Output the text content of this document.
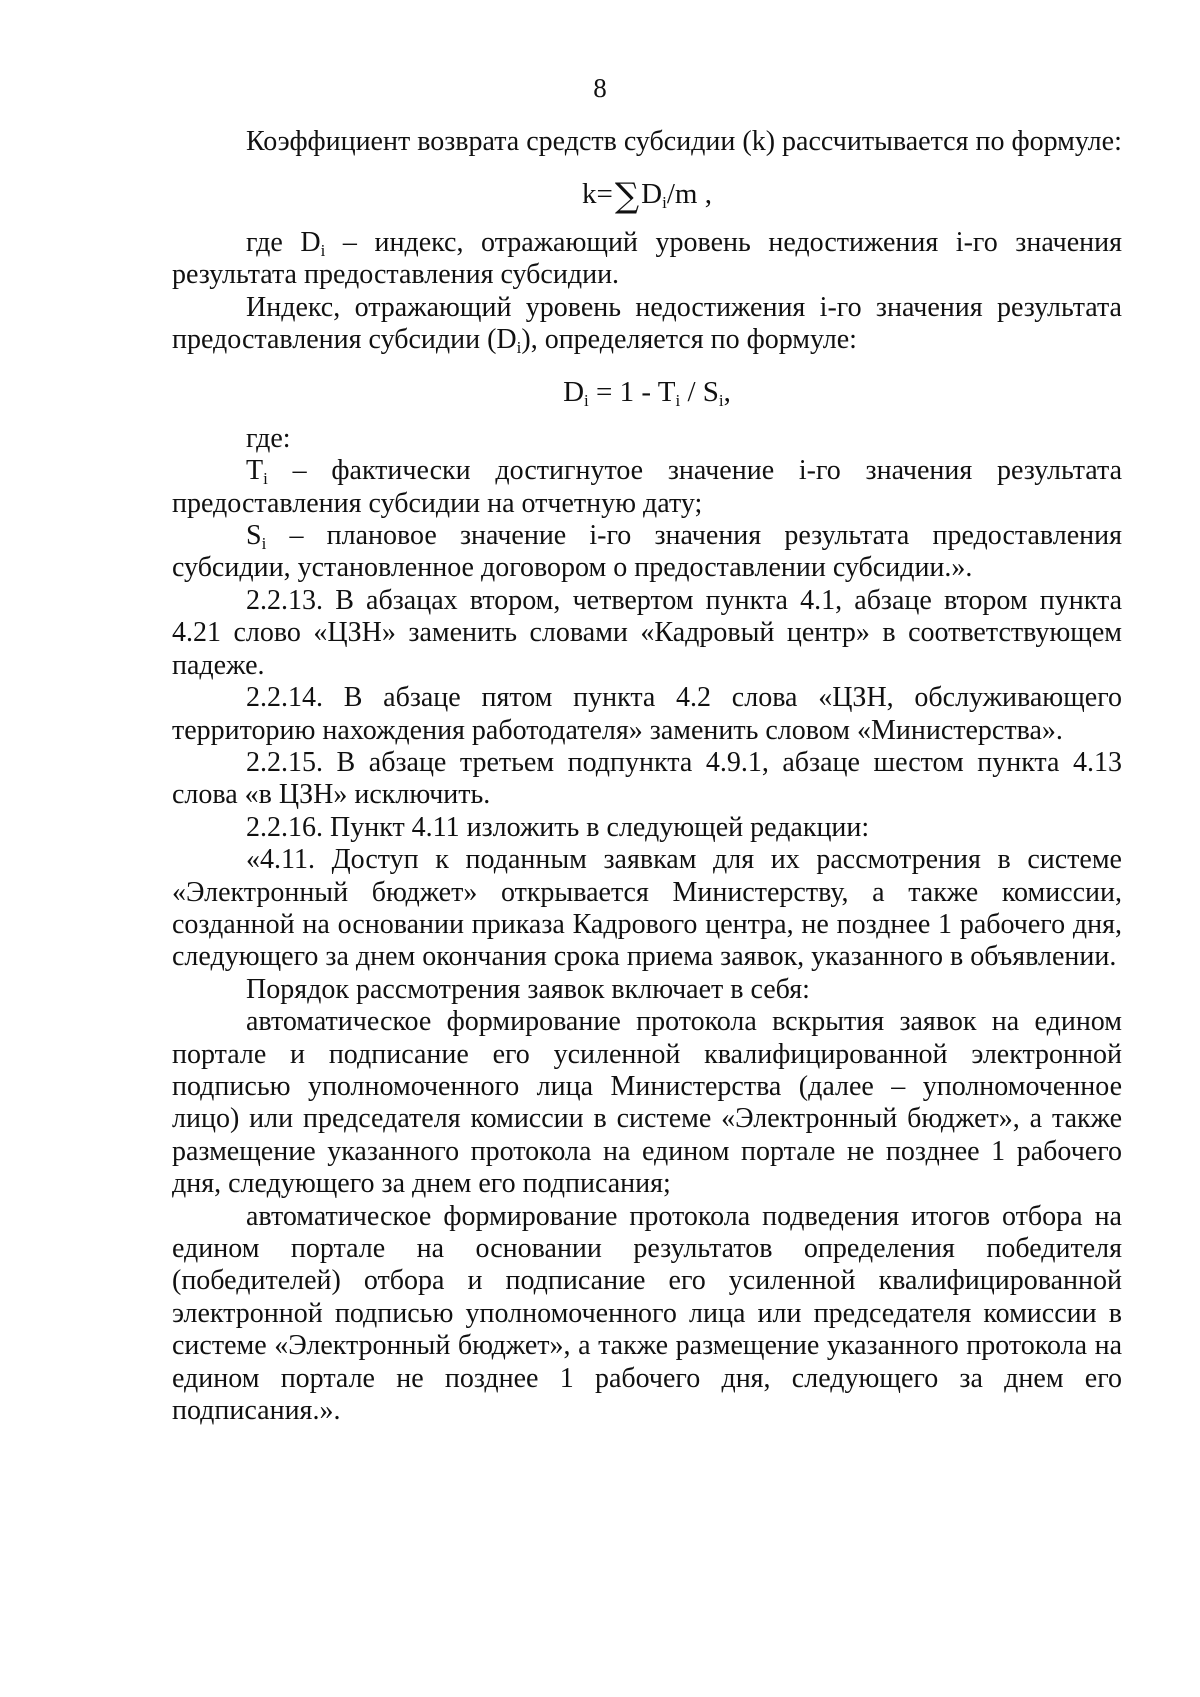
8

Коэффициент возврата средств субсидии (k) рассчитывается по формуле:

$k=\sum D_i/m$ ,

где Di – индекс, отражающий уровень недостижения i-го значения результата предоставления субсидии.

Индекс, отражающий уровень недостижения i-го значения результата предоставления субсидии (Di), определяется по формуле:

$D_i = 1 - T_i / S_i$,

где:

Ti – фактически достигнутое значение i-го значения результата предоставления субсидии на отчетную дату;

Si – плановое значение i-го значения результата предоставления субсидии, установленное договором о предоставлении субсидии.».

2.2.13. В абзацах втором, четвертом пункта 4.1, абзаце втором пункта 4.21 слово «ЦЗН» заменить словами «Кадровый центр» в соответствующем падеже.

2.2.14. В абзаце пятом пункта 4.2 слова «ЦЗН, обслуживающего территорию нахождения работодателя» заменить словом «Министерства».

2.2.15. В абзаце третьем подпункта 4.9.1, абзаце шестом пункта 4.13 слова «в ЦЗН» исключить.

2.2.16. Пункт 4.11 изложить в следующей редакции:

«4.11. Доступ к поданным заявкам для их рассмотрения в системе «Электронный бюджет» открывается Министерству, а также комиссии, созданной на основании приказа Кадрового центра, не позднее 1 рабочего дня, следующего за днем окончания срока приема заявок, указанного в объявлении.

Порядок рассмотрения заявок включает в себя:

автоматическое формирование протокола вскрытия заявок на едином портале и подписание его усиленной квалифицированной электронной подписью уполномоченного лица Министерства (далее – уполномоченное лицо) или председателя комиссии в системе «Электронный бюджет», а также размещение указанного протокола на едином портале не позднее 1 рабочего дня, следующего за днем его подписания;

автоматическое формирование протокола подведения итогов отбора на едином портале на основании результатов определения победителя (победителей) отбора и подписание его усиленной квалифицированной электронной подписью уполномоченного лица или председателя комиссии в системе «Электронный бюджет», а также размещение указанного протокола на едином портале не позднее 1 рабочего дня, следующего за днем его подписания.».
